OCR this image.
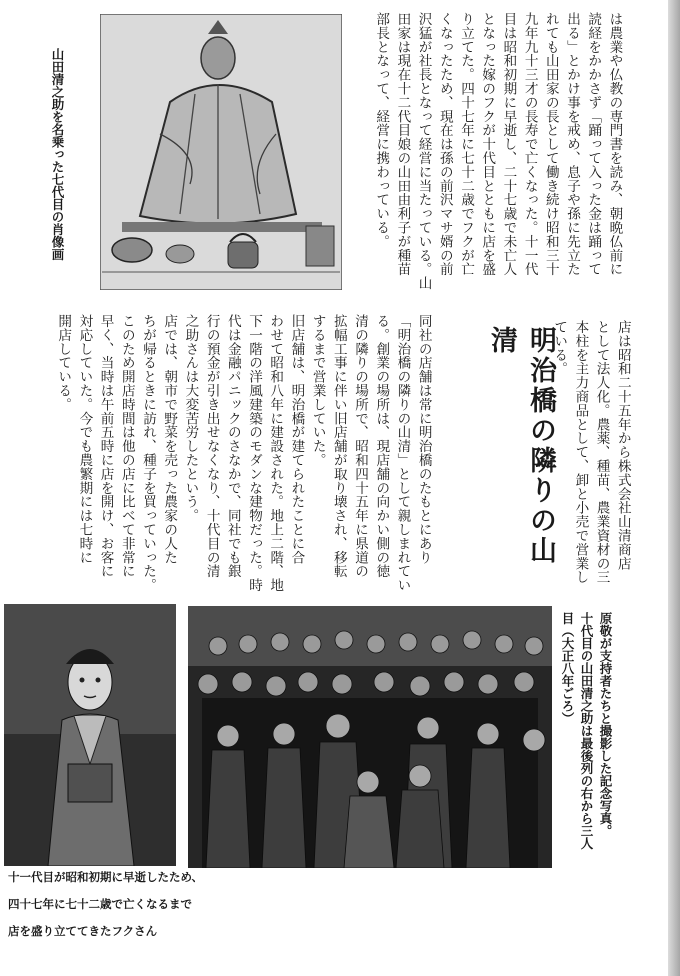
山田清之助を名乗った七代目の肖像画	は農業や仏教の専門書を読み、朝晩仏前に
読経をかかさず「踊って入った金は踊って
出る」とかけ事を戒め、息子や孫に先立た
れても山田家の長として働き続け昭和三十
九年九十三才の長寿で亡くなった。十一代
目は昭和初期に早逝し、二十七歳で未亡人
となった嫁のフクが十代目とともに店を盛
り立てた。四十七年に七十二歳でフクが亡
くなったため、現在は孫の前沢マサ婿の前
沢猛が社長となって経営に当たっている。山
田家は現在十二代目娘の山田由利子が種苗
部長となって、経営に携わっている。

店は昭和二十五年から株式会社山清商店
として法人化。農薬、種苗、農業資材の三
本柱を主力商品として、卸と小売で営業し
ている。

明治橋の隣りの山清

同社の店舗は常に明治橋のたもとにあり
「明治橋の隣りの山清」として親しまれてい
る。創業の場所は、現店舗の向かい側の徳
清の隣りの場所で、昭和四十五年に県道の
拡幅工事に伴い旧店舗が取り壊され、移転
するまで営業していた。
旧店舗は、明治橋が建てられたことに合
わせて昭和八年に建設された。地上二階、地
下一階の洋風建築のモダンな建物だった。時
代は金融パニックのさなかで、同社でも銀
行の預金が引き出せなくなり、十代目の清
之助さんは大変苦労したという。
店では、朝市で野菜を売った農家の人た
ちが帰るときに訪れ、種子を買っていった。
このため開店時間は他の店に比べて非常に
早く、当時は午前五時に店を開け、お客に
対応していた。今でも農繁期には七時に
開店している。

原敬が支持者たちと撮影した記念写真。
十代目の山田清之助は最後列の右から三人
目（大正八年ごろ）

十一代目が昭和初期に早逝したため、
四十七年に七十二歳で亡くなるまで
店を盛り立ててきたフクさん
